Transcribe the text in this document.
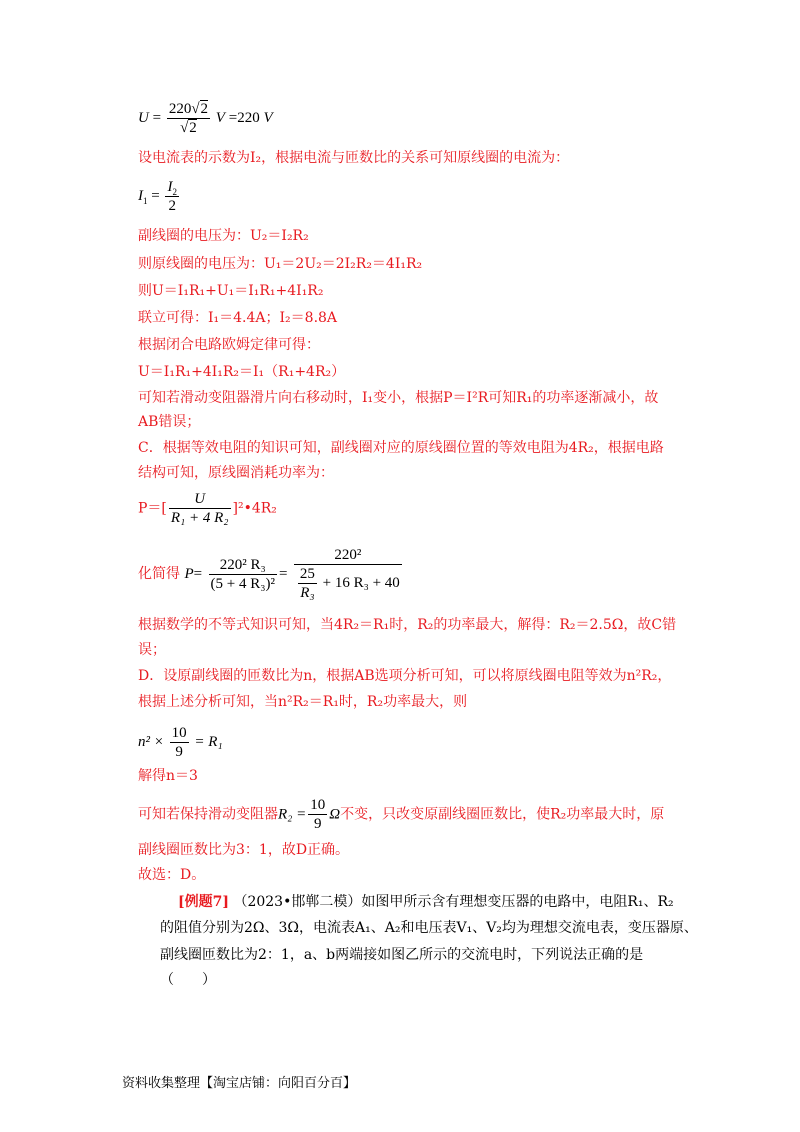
$U = \frac{220√2}{√2}$ V =220 V
设电流表的示数为I₂，根据电流与匝数比的关系可知原线圈的电流为：
$I_1 = \frac{I_2}{2}$
副线圈的电压为：U₂＝I₂R₂
则原线圈的电压为：U₁＝2U₂＝2I₂R₂＝4I₁R₂
则U＝I₁R₁+U₁＝I₁R₁+4I₁R₂
联立可得：I₁＝4.4A；I₂＝8.8A
根据闭合电路欧姆定律可得：
U＝I₁R₁+4I₁R₂＝I₁（R₁+4R₂）
可知若滑动变阻器滑片向右移动时，I₁变小，根据P＝I²R可知R₁的功率逐渐减小，故
AB错误；
C．根据等效电阻的知识可知，副线圈对应的原线圈位置的等效电阻为4R₂，根据电路
结构可知，原线圈消耗功率为：
$P=[ \frac{U}{\text{R₁ + 4 R₂}}$ ]²•4R₂
化简得 $P= \frac{\text{220² R₃}}{\text{(5 + 4 R₃)²}} = \frac{\text{220²}}{\frac{25}{\text{R₃}} + 16 R_3 + 40}$
根据数学的不等式知识可知，当4R₂＝R₁时，R₂的功率最大，解得：R₂＝2.5Ω，故C错
误；
D．设原副线圈的匝数比为n，根据AB选项分析可知，可以将原线圈电阻等效为n²R₂，
根据上述分析可知，当n²R₂＝R₁时，R₂功率最大，则
$n^2 \times \frac{10}{9} = R_1$
解得n＝3
可知若保持滑动变阻器$R_2 = \frac{10}{9}$ Ω不变，只改变原副线圈匝数比，使R₂功率最大时，原
副线圈匝数比为3：1，故D正确。
故选：D。
[例题7] （2023•邯郸二模）如图甲所示含有理想变压器的电路中，电阻R₁、R₂
的阻值分别为2Ω、3Ω，电流表A₁、A₂和电压表V₁、V₂均为理想交流电表，变压器原、
副线圈匝数比为2：1，a、b两端接如图乙所示的交流电时，下列说法正确的是
（　　）
资料收集整理【淘宝店铺：向阳百分百】
